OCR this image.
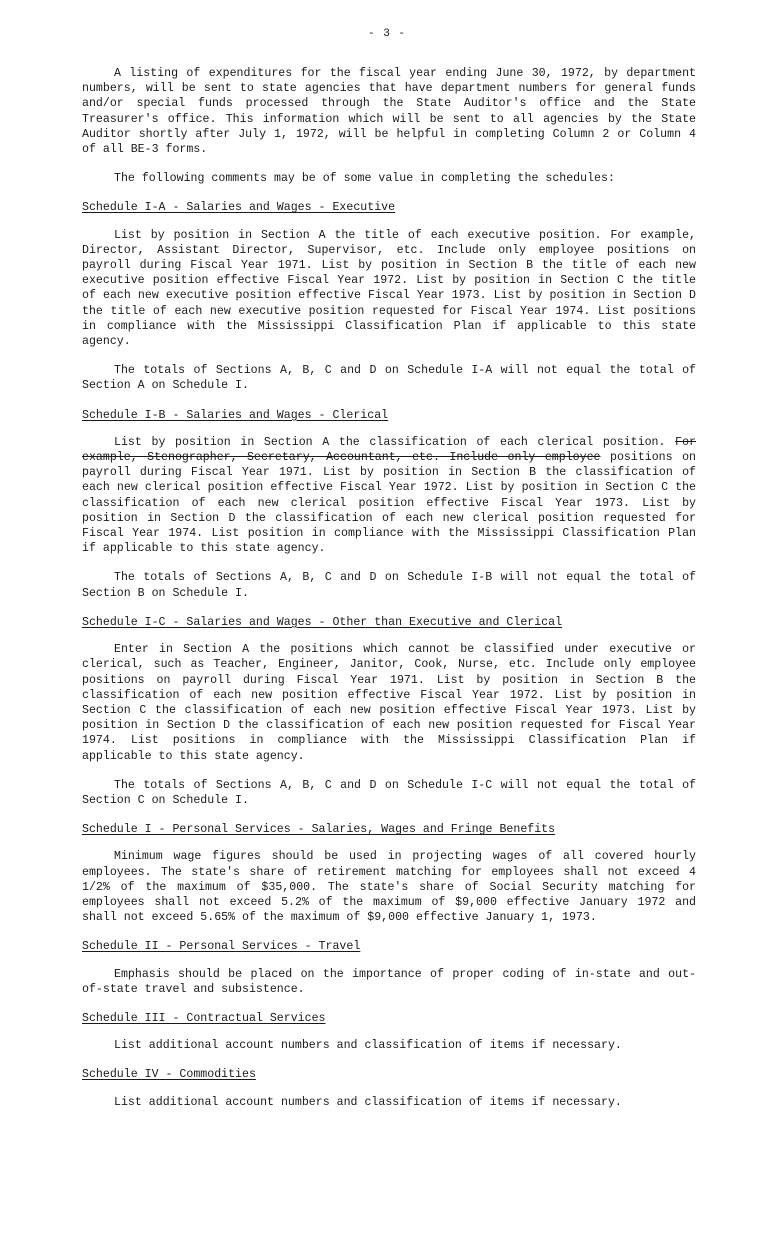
- 3 -

A listing of expenditures for the fiscal year ending June 30, 1972, by department numbers, will be sent to state agencies that have department numbers for general funds and/or special funds processed through the State Auditor's office and the State Treasurer's office. This information which will be sent to all agencies by the State Auditor shortly after July 1, 1972, will be helpful in completing Column 2 or Column 4 of all BE-3 forms.

The following comments may be of some value in completing the schedules:

Schedule I-A - Salaries and Wages - Executive

List by position in Section A the title of each executive position. For example, Director, Assistant Director, Supervisor, etc. Include only employee positions on payroll during Fiscal Year 1971. List by position in Section B the title of each new executive position effective Fiscal Year 1972. List by position in Section C the title of each new executive position effective Fiscal Year 1973. List by position in Section D the title of each new executive position requested for Fiscal Year 1974. List positions in compliance with the Mississippi Classification Plan if applicable to this state agency.

The totals of Sections A, B, C and D on Schedule I-A will not equal the total of Section A on Schedule I.

Schedule I-B - Salaries and Wages - Clerical

List by position in Section A the classification of each clerical position. For example, Stenographer, Secretary, Accountant, etc. Include only employee positions on payroll during Fiscal Year 1971. List by position in Section B the classification of each new clerical position effective Fiscal Year 1972. List by position in Section C the classification of each new clerical position effective Fiscal Year 1973. List by position in Section D the classification of each new clerical position requested for Fiscal Year 1974. List position in compliance with the Mississippi Classification Plan if applicable to this state agency.

The totals of Sections A, B, C and D on Schedule I-B will not equal the total of Section B on Schedule I.

Schedule I-C - Salaries and Wages - Other than Executive and Clerical

Enter in Section A the positions which cannot be classified under executive or clerical, such as Teacher, Engineer, Janitor, Cook, Nurse, etc. Include only employee positions on payroll during Fiscal Year 1971. List by position in Section B the classification of each new position effective Fiscal Year 1972. List by position in Section C the classification of each new position effective Fiscal Year 1973. List by position in Section D the classification of each new position requested for Fiscal Year 1974. List positions in compliance with the Mississippi Classification Plan if applicable to this state agency.

The totals of Sections A, B, C and D on Schedule I-C will not equal the total of Section C on Schedule I.

Schedule I - Personal Services - Salaries, Wages and Fringe Benefits

Minimum wage figures should be used in projecting wages of all covered hourly employees. The state's share of retirement matching for employees shall not exceed 4 1/2% of the maximum of $35,000. The state's share of Social Security matching for employees shall not exceed 5.2% of the maximum of $9,000 effective January 1972 and shall not exceed 5.65% of the maximum of $9,000 effective January 1, 1973.

Schedule II - Personal Services - Travel

Emphasis should be placed on the importance of proper coding of in-state and out-of-state travel and subsistence.

Schedule III - Contractual Services

List additional account numbers and classification of items if necessary.

Schedule IV - Commodities

List additional account numbers and classification of items if necessary.
